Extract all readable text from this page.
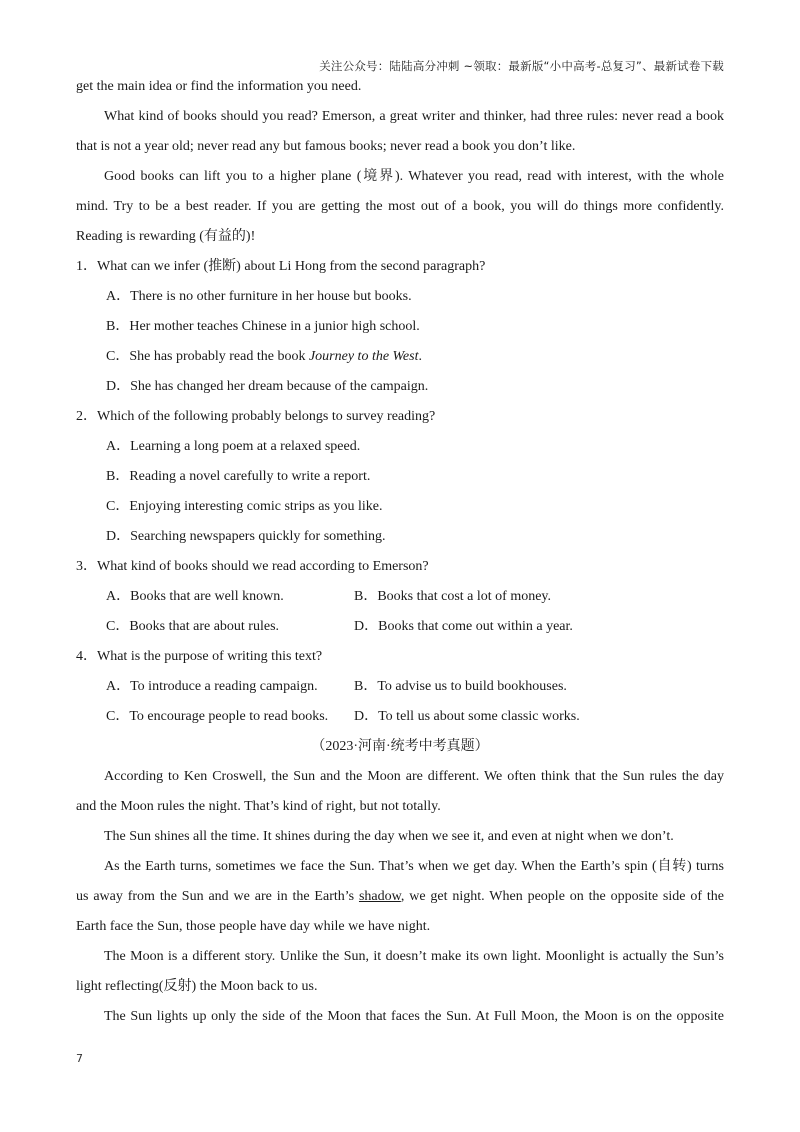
关注公众号：陆陆高分冲刺 ~领取：最新版“小中高考-总复习”、最新试卷下载
get the main idea or find the information you need.
What kind of books should you read? Emerson, a great writer and thinker, had three rules: never read a book
that is not a year old; never read any but famous books; never read a book you don’t like.
Good books can lift you to a higher plane (境界). Whatever you read, read with interest, with the whole
mind. Try to be a best reader. If you are getting the most out of a book, you will do things more confidently.
Reading is rewarding (有益的)!
1．What can we infer (推断) about Li Hong from the second paragraph?
A．There is no other furniture in her house but books.
B．Her mother teaches Chinese in a junior high school.
C．She has probably read the book Journey to the West.
D．She has changed her dream because of the campaign.
2．Which of the following probably belongs to survey reading?
A．Learning a long poem at a relaxed speed.
B．Reading a novel carefully to write a report.
C．Enjoying interesting comic strips as you like.
D．Searching newspapers quickly for something.
3．What kind of books should we read according to Emerson?
A．Books that are well known.	B．Books that cost a lot of money.
C．Books that are about rules.	D．Books that come out within a year.
4．What is the purpose of writing this text?
A．To introduce a reading campaign.	B．To advise us to build bookhouses.
C．To encourage people to read books.	D．To tell us about some classic works.
（2023·河南·统考中考真题）
According to Ken Croswell, the Sun and the Moon are different. We often think that the Sun rules the day
and the Moon rules the night. That’s kind of right, but not totally.
The Sun shines all the time. It shines during the day when we see it, and even at night when we don’t.
As the Earth turns, sometimes we face the Sun. That’s when we get day. When the Earth’s spin (自转) turns
us away from the Sun and we are in the Earth’s shadow, we get night. When people on the opposite side of the
Earth face the Sun, those people have day while we have night.
The Moon is a different story. Unlike the Sun, it doesn’t make its own light. Moonlight is actually the Sun’s
light reflecting(反射) the Moon back to us.
The Sun lights up only the side of the Moon that faces the Sun. At Full Moon, the Moon is on the opposite
7
